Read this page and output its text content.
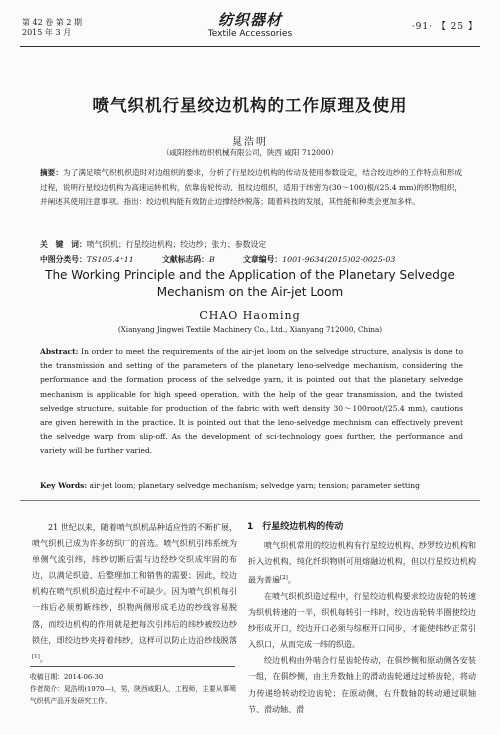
第 42 卷 第 2 期
2015 年 3 月
纺织器材
Textile Accessories
·91· 【 25 】
喷气织机行星绞边机构的工作原理及使用
晁浩明
（咸阳经纬纺织机械有限公司，陕西 咸阳 712000）
摘要：为了满足喷气织机织造时对边组织的要求，分析了行星绞边机构的传动及使用参数设定，结合绞边纱的工作特点和形成过程，说明行星绞边机构为高速运转机构，依靠齿轮传动、扭纹边组织，适用于纬密为(30～100)根/(25.4 mm)的织物组织，并阐述其使用注意事项。指出：绞边机构能有效防止边撑经纱脱落；随着科技的发展，其性能和种类会更加多样。
关　键　词：喷气织机；行星绞边机构；绞边纱；张力；参数设定
中图分类号：TS105.4⁺11	文献标志码：B	文章编号：1001-9634(2015)02-0025-03
The Working Principle and the Application of the Planetary Selvedge Mechanism on the Air-jet Loom
CHAO Haoming
(Xianyang Jingwei Textile Machinery Co., Ltd., Xianyang 712000, China)
Abstract: In order to meet the requirements of the air-jet loom on the selvedge structure, analysis is done to the transmission and setting of the parameters of the planetary leno-selvedge mechanism, considering the performance and the formation process of the selvedge yarn, it is pointed out that the planetary selvedge mechanism is applicable for high speed operation, with the help of the gear transmission, and the twisted selvedge structure, suitable for production of the fabric with weft density 30～100root/(25.4 mm), cautions are given herewith in the practice. It is pointed out that the leno-selvedge mechnism can effectively prevent the selvedge warp from slip-off. As the development of sci-technology goes further, the performance and variety will be further varied.
Key Words: air-jet loom; planetary selvedge mechanism; selvedge yarn; tension; parameter setting
21 世纪以来，随着喷气织机品种适应性的不断扩展，喷气织机已成为许多纺织厂的首选。喷气织机引纬系统为单侧气流引纬，纬纱切断后需与边经纱交织成牢固的布边，以满足织造、后整理加工和销售的需要；因此，绞边机构在喷气织机织造过程中不可缺少。因为喷气织机每引一纬后必须剪断纬纱，织物两侧形成毛边的纱线容易脱落，而绞边机构的作用就是把每次引纬后的纬纱被绞边纱锁住，即绞边纱夹持着纬纱，这样可以防止边沿纱线脱落[1]。
收稿日期：2014-06-30
作者简介：晁浩明(1970—)，男，陕西咸阳人，工程师，主要从事喷气织机产品开发研究工作。
1　行星绞边机构的传动

喷气织机常用的绞边机构有行星绞边机构、纱罗绞边机构和折入边机构，纯化纤织物则可用熔融边机构，但以行星绞边机构最为普遍[2]。

在喷气织机织造过程中，行星绞边机构要求绞边齿轮的转速为织机转速的一半，织机每转引一纬时，绞边齿轮转半圈使绞边纱形成开口，绞边开口必须与综框开口同步，才能使纬纱正常引入织口，从而完成一纬的织造。

绞边机构由外啮合行星齿轮传动，在俱纱侧和原动侧各安装一组，在俱纱侧，由主升数轴上的滑动齿轮通过过桥齿轮，将动力传递给转动绞边齿轮；在原动侧，右升数轴的转动通过联轴节、滑动轴、滑
